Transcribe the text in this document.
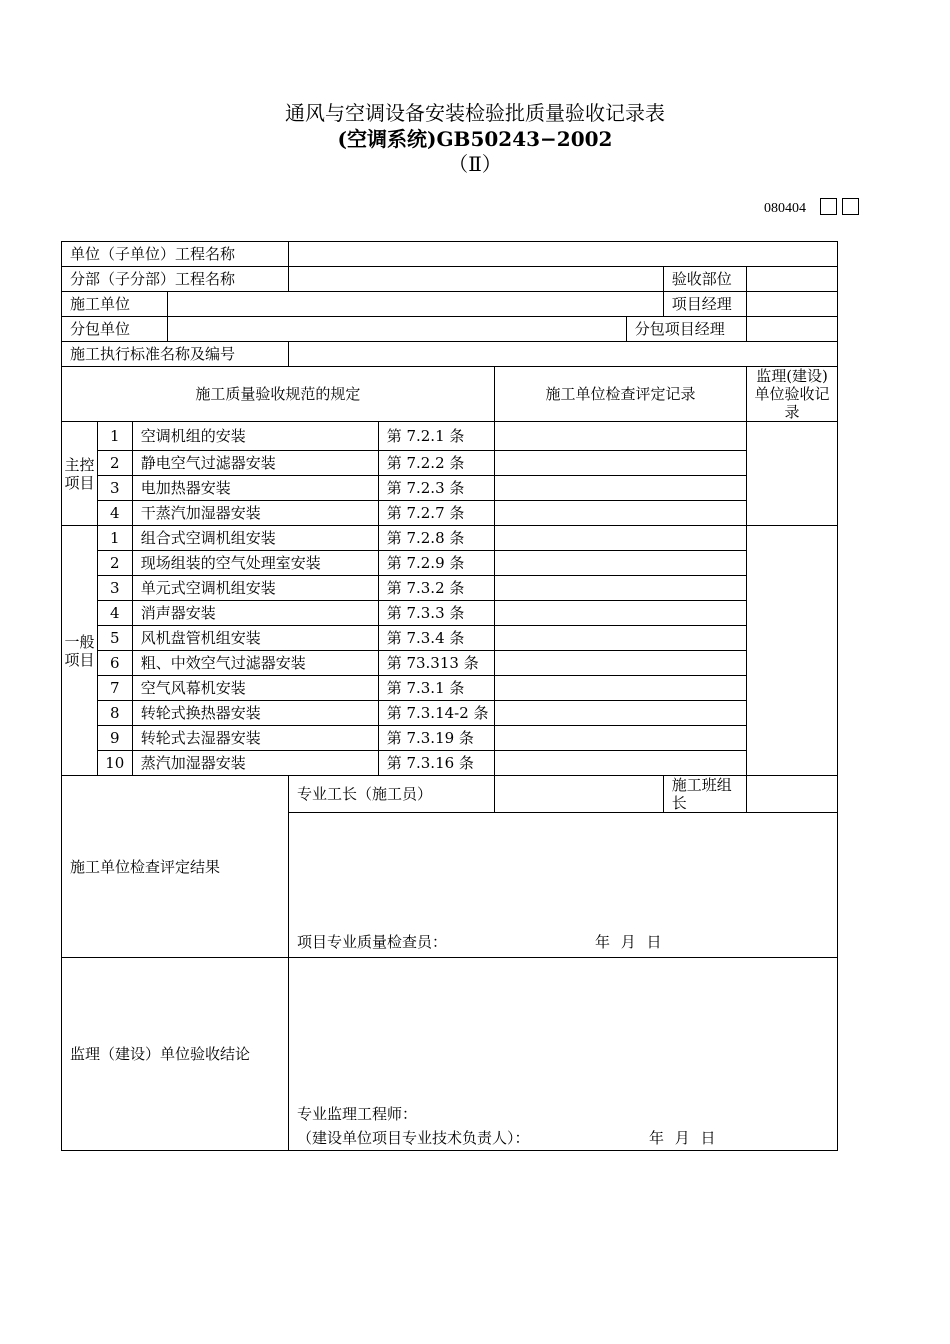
通风与空调设备安装检验批质量验收记录表
(空调系统)GB50243−2002
（Ⅱ）
080404
单位（子单位）工程名称									
分部（子分部）工程名称								验收部位	
施工单位								项目经理	
分包单位							分包项目经理		
施工执行标准名称及编号									
施工质量验收规范的规定						施工单位检查评定记录			监理(建设)单位验收记录
主控项目	1	空调机组的安装			第 7.2.1 条				
	2	静电空气过滤器安装			第 7.2.2 条				
	3	电加热器安装			第 7.2.3 条				
	4	干蒸汽加湿器安装			第 7.2.7 条				
一般项目	1	组合式空调机组安装			第 7.2.8 条				
	2	现场组装的空气处理室安装			第 7.2.9 条				
	3	单元式空调机组安装			第 7.3.2 条				
	4	消声器安装			第 7.3.3 条				
	5	风机盘管机组安装			第 7.3.4 条				
	6	粗、中效空气过滤器安装			第 73.313 条				
	7	空气风幕机安装			第 7.3.1 条				
	8	转轮式换热器安装			第 7.3.14-2 条				
	9	转轮式去湿器安装			第 7.3.19 条				
	10	蒸汽加湿器安装			第 7.3.16 条				
施工单位检查评定结果				专业工长（施工员）				施工班组长	

				项目专业质量检查员： 年 月 日					

监理（建设）单位验收结论				专业监理工程师：
（建设单位项目专业技术负责人）： 年 月 日					
